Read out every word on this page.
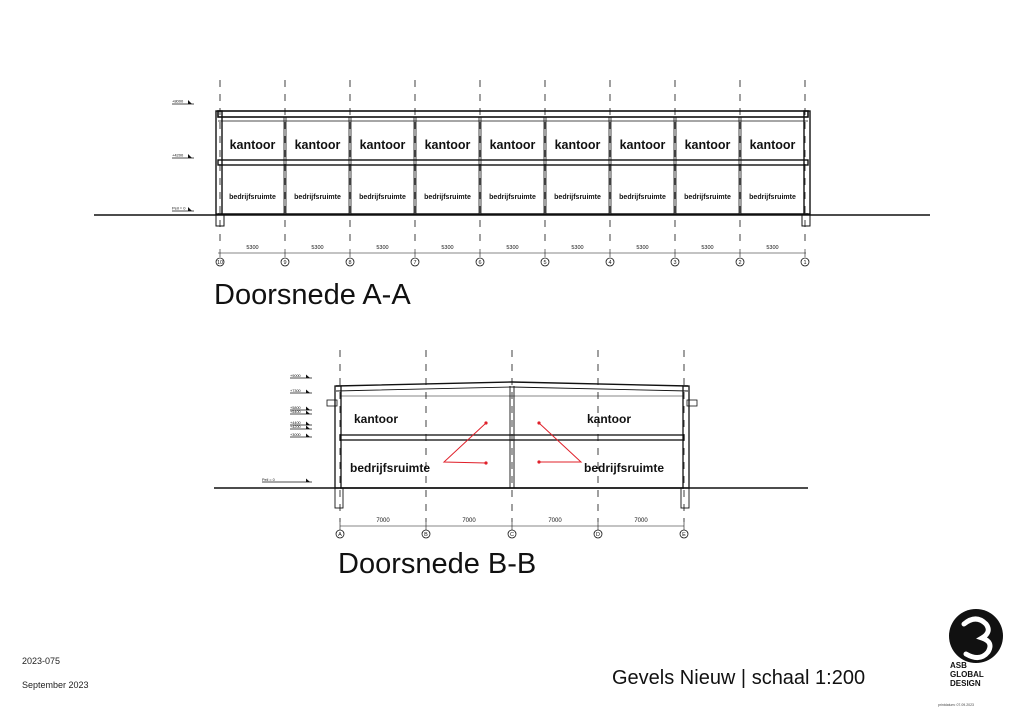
kantoor
bedrijfsruimte
kantoor
bedrijfsruimte
kantoor
bedrijfsruimte
kantoor
bedrijfsruimte
kantoor
bedrijfsruimte
kantoor
bedrijfsruimte
kantoor
bedrijfsruimte
kantoor
bedrijfsruimte
kantoor
bedrijfsruimte
+8000
+4200
Peil = 0
5300	5300	5300	5300	5300	5300	5300	5300	5300
10	9	8	7	6	5	4	3	2	1
Doorsnede A-A
kantoor	kantoor
bedrijfsruimte	bedrijfsruimte
+9000
+7300
+5800
+5400
+4400
+4200
+3000
Peil = 0
7000	7000	7000	7000
A	B	C	D	E
Doorsnede B-B
2023-075
September 2023	Gevels Nieuw | schaal 1:200
ASB
GLOBAL
DESIGN
printdatum: 07.09.2023
